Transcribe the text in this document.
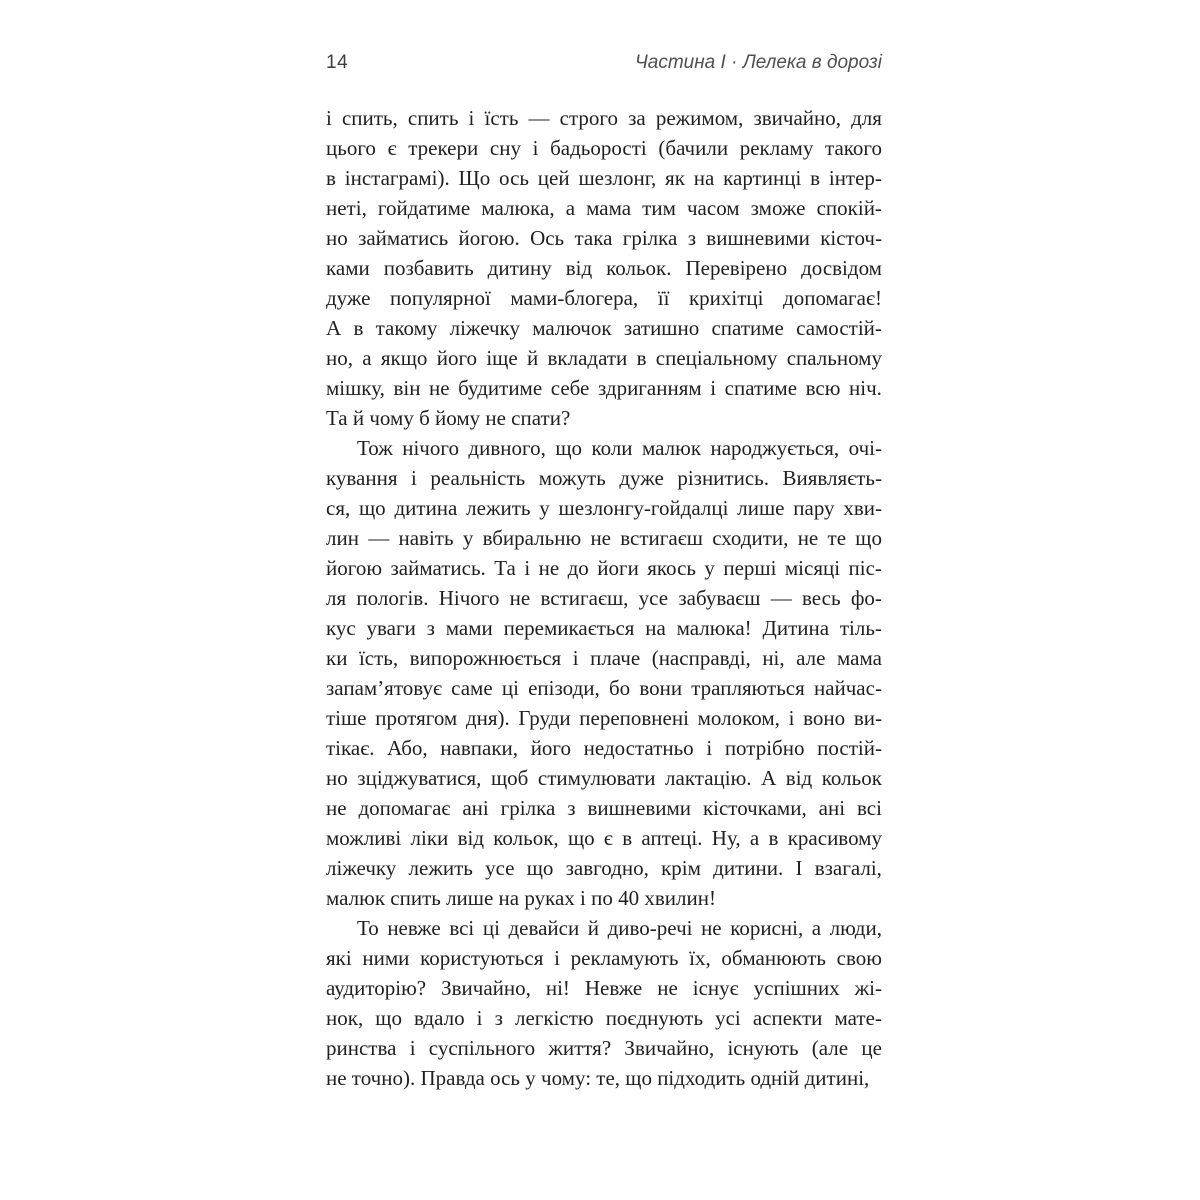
14	Частина I · Лелека в дорозі
і спить, спить і їсть — строго за режимом, звичайно, для
цього є трекери сну і бадьорості (бачили рекламу такого
в інстаграмі). Що ось цей шезлонг, як на картинці в інтер-
неті, гойдатиме малюка, а мама тим часом зможе спокій-
но займатись йогою. Ось така грілка з вишневими кісточ-
ками позбавить дитину від кольок. Перевірено досвідом
дуже популярної мами-блогера, її крихітці допомагає!
А в такому ліжечку малючок затишно спатиме самостій-
но, а якщо його іще й вкладати в спеціальному спальному
мішку, він не будитиме себе здриганням і спатиме всю ніч.
Та й чому б йому не спати?
Тож нічого дивного, що коли малюк народжується, очі-
кування і реальність можуть дуже різнитись. Виявляєть-
ся, що дитина лежить у шезлонгу-гойдалці лише пару хви-
лин — навіть у вбиральню не встигаєш сходити, не те що
йогою займатись. Та і не до йоги якось у перші місяці піс-
ля пологів. Нічого не встигаєш, усе забуваєш — весь фо-
кус уваги з мами перемикається на малюка! Дитина тіль-
ки їсть, випорожнюється і плаче (насправді, ні, але мама
запам’ятовує саме ці епізоди, бо вони трапляються найчас-
тіше протягом дня). Груди переповнені молоком, і воно ви-
тікає. Або, навпаки, його недостатньо і потрібно постій-
но зціджуватися, щоб стимулювати лактацію. А від кольок
не допомагає ані грілка з вишневими кісточками, ані всі
можливі ліки від кольок, що є в аптеці. Ну, а в красивому
ліжечку лежить усе що завгодно, крім дитини. І взагалі,
малюк спить лише на руках і по 40 хвилин!
То невже всі ці девайси й диво-речі не корисні, а люди,
які ними користуються і рекламують їх, обманюють свою
аудиторію? Звичайно, ні! Невже не існує успішних жі-
нок, що вдало і з легкістю поєднують усі аспекти мате-
ринства і суспільного життя? Звичайно, існують (але це
не точно). Правда ось у чому: те, що підходить одній дитині,
